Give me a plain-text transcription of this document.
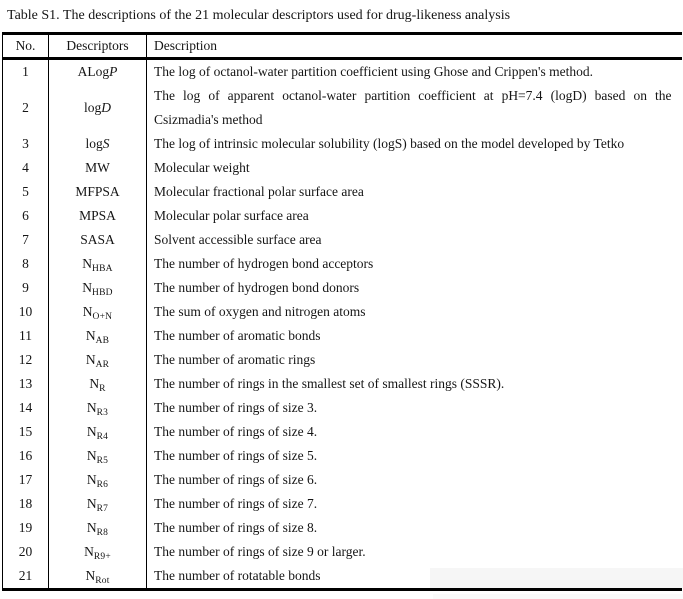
Table S1. The descriptions of the 21 molecular descriptors used for drug-likeness analysis
No.	Descriptors	Description
1	ALogP	The log of octanol-water partition coefficient using Ghose and Crippen's method.

2	logD	
The log of apparent octanol-water partition coefficient at pH=7.4 (logD) based on the
Csizmadia's method

3	logS	The log of intrinsic molecular solubility (logS) based on the model developed by Tetko

4	MW	Molecular weight

5	MFPSA	Molecular fractional polar surface area

6	MPSA	Molecular polar surface area

7	SASA	Solvent accessible surface area

8	$N_{HBA}$	The number of hydrogen bond acceptors

9	$N_{HBD}$	The number of hydrogen bond donors

10	$N_{O+N}$	The sum of oxygen and nitrogen atoms

11	$N_{AB}$	The number of aromatic bonds

12	$N_{AR}$	The number of aromatic rings

13	$N_R$	The number of rings in the smallest set of smallest rings (SSSR).

14	$N_{R3}$	The number of rings of size 3.

15	$N_{R4}$	The number of rings of size 4.

16	$N_{R5}$	The number of rings of size 5.

17	$N_{R6}$	The number of rings of size 6.

18	$N_{R7}$	The number of rings of size 7.

19	$N_{R8}$	The number of rings of size 8.

20	$N_{R9+}$	The number of rings of size 9 or larger.

21	$N_{Rot}$	The number of rotatable bonds
